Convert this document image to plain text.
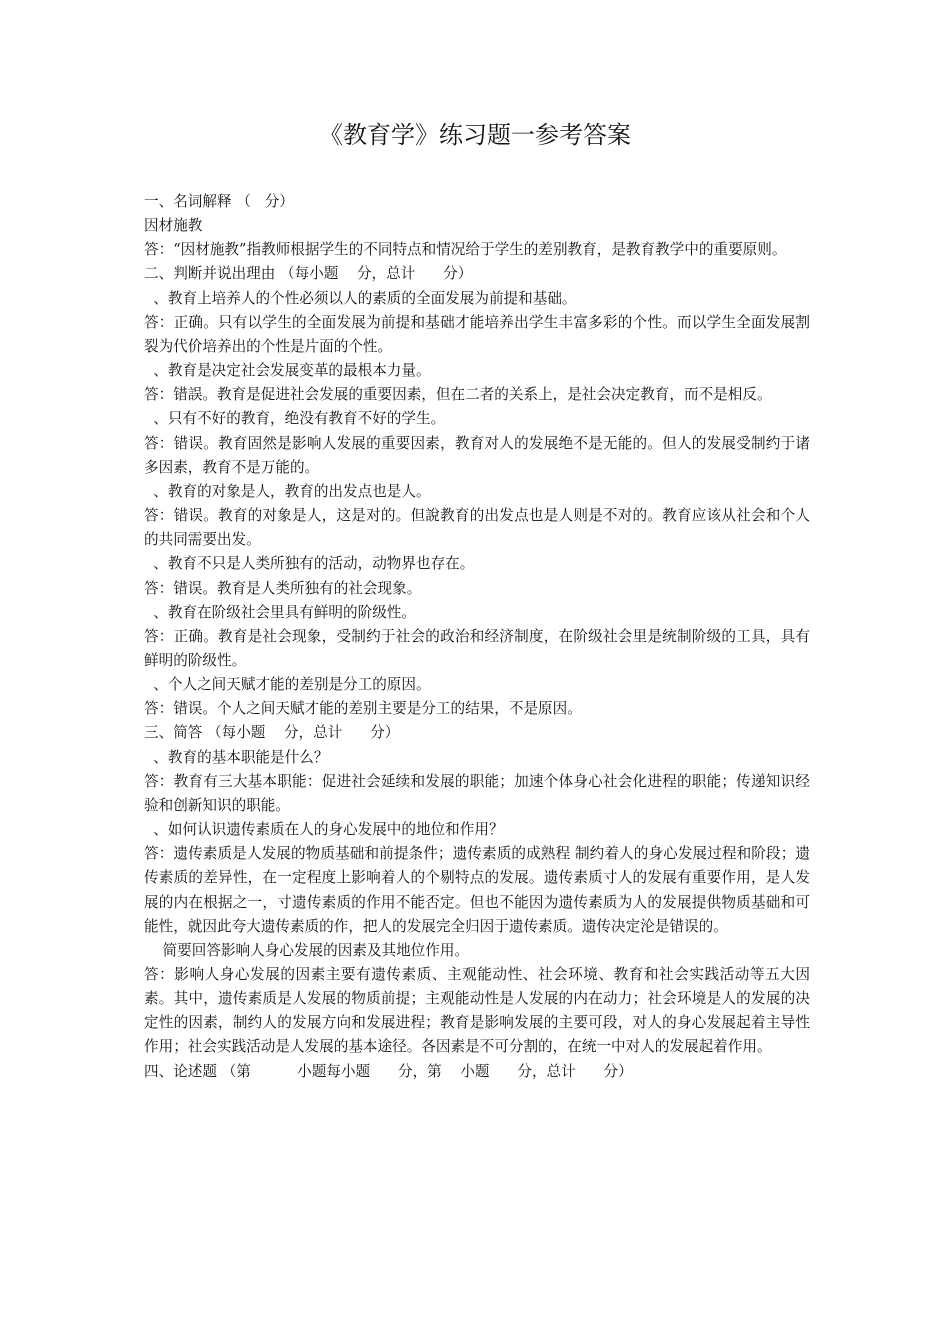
《教育学》练习题一参考答案

一、名词解释 （   分）

因材施教

答：“因材施教”指教师根据学生的不同特点和情况给于学生的差别教育，是教育教学中的重要原则。

二、判断并说出理由 （每小题    分，总计      分）

、教育上培养人的个性必须以人的素质的全面发展为前提和基础。

答：正确。只有以学生的全面发展为前提和基础才能培养出学生丰富多彩的个性。而以学生全面发展割裂为代价培养出的个性是片面的个性。

、教育是决定社会发展变革的最根本力量。

答：错誤。教育是促进社会发展的重要因素，但在二者的关系上，是社会决定教育，而不是相反。

、只有不好的教育，绝没有教育不好的学生。

答：错误。教育固然是影响人发展的重要因素，教育对人的发展绝不是无能的。但人的发展受制约于诸多因素，教育不是万能的。

、教育的对象是人，教育的出发点也是人。

答：错误。教育的对象是人，这是对的。但說教育的出发点也是人则是不对的。教育应该从社会和个人的共同需要出发。

、教育不只是人类所独有的活动，动物界也存在。

答：错误。教育是人类所独有的社会现象。

、教育在阶级社会里具有鲜明的阶级性。

答：正确。教育是社会现象，受制约于社会的政治和经济制度，在阶级社会里是统制阶级的工具，具有鲜明的阶级性。

、个人之间天赋才能的差别是分工的原因。

答：错误。个人之间天赋才能的差别主要是分工的结果，不是原因。

三、简答 （每小题    分，总计      分）

、教育的基本职能是什么？

答：教育有三大基本职能：促进社会延续和发展的职能；加速个体身心社会化进程的职能；传递知识经验和创新知识的职能。

、如何认识遗传素质在人的身心发展中的地位和作用？

答：遗传素质是人发展的物质基础和前提条件；遗传素质的成熟程 制约着人的身心发展过程和阶段；遗传素质的差异性，在一定程度上影响着人的个剔特点的发展。遗传素质寸人的发展有重要作用，是人发展的内在根据之一，寸遗传素质的作用不能否定。但也不能因为遗传素质为人的发展提供物质基础和可能性，就因此夸大遗传素质的作，把人的发展完全归因于遗传素质。遗传决定沦是错误的。

简要回答影响人身心发展的因素及其地位作用。

答：影响人身心发展的因素主要有遗传素质、主观能动性、社会环境、教育和社会实践活动等五大因素。其中，遗传素质是人发展的物质前提；主观能动性是人发展的内在动力；社会环境是人的发展的决定性的因素，制约人的发展方向和发展进程；教育是影响发展的主要可段，对人的身心发展起着主导性作用；社会实践活动是人发展的基本途径。各因素是不可分割的，在统一中对人的发展起着作用。

四、论述题 （第          小题每小题      分，第    小题      分，总计      分）
